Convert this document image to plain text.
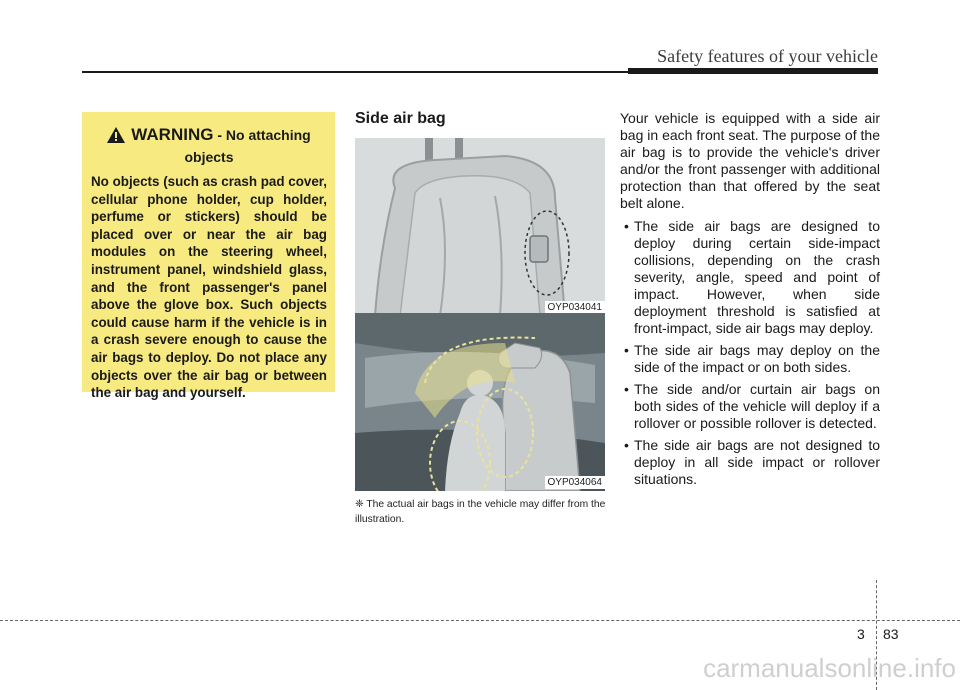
Safety features of your vehicle
WARNING - No attaching objects
No objects (such as crash pad cover, cellular phone holder, cup holder, perfume or stickers) should be placed over or near the air bag modules on the steering wheel, instrument panel, windshield glass, and the front passenger's panel above the glove box. Such objects could cause harm if the vehicle is in a crash severe enough to cause the air bags to deploy. Do not place any objects over the air bag or between the air bag and yourself.
Side air bag
OYP034041
OYP034064
❈ The actual air bags in the vehicle may differ from the illustration.

Your vehicle is equipped with a side air bag in each front seat. The purpose of the air bag is to provide the vehicle's driver and/or the front passenger with additional protection than that offered by the seat belt alone.

• The side air bags are designed to deploy during certain side-impact collisions, depending on the crash severity, angle, speed and point of impact. However, when side deployment threshold is satisfied at front-impact, side air bags may deploy.
• The side air bags may deploy on the side of the impact or on both sides.
• The side and/or curtain air bags on both sides of the vehicle will deploy if a rollover or possible rollover is detected.
• The side air bags are not designed to deploy in all side impact or rollover situations.
3 83
carmanualsonline.info
